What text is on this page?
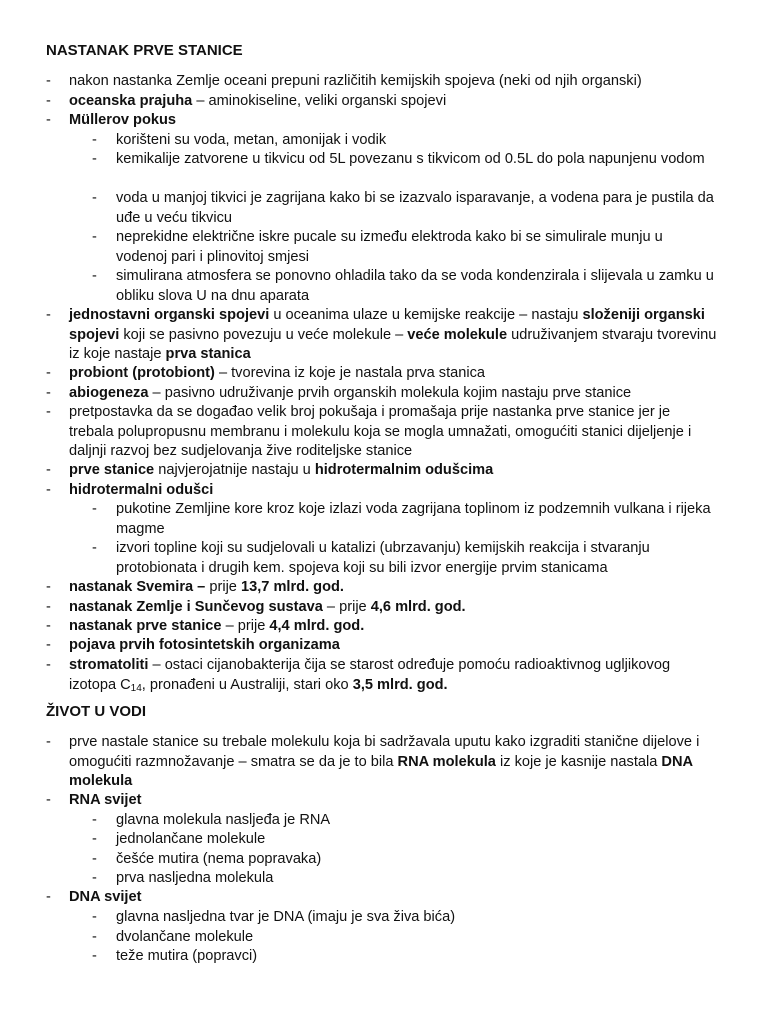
NASTANAK PRVE STANICE
- nakon nastanka Zemlje oceani prepuni različitih kemijskih spojeva (neki od njih organski)
- oceanska prajuha – aminokiseline, veliki organski spojevi
- Müllerov pokus
- korišteni su voda, metan, amonijak i vodik
- kemikalije zatvorene u tikvicu od 5L povezanu s tikvicom od 0.5L do pola napunjenu vodom
- voda u manjoj tikvici je zagrijana kako bi se izazvalo isparavanje, a vodena para je pustila da uđe u veću tikvicu
- neprekidne električne iskre pucale su između elektroda kako bi se simulirale munju u vodenoj pari i plinovitoj smjesi
- simulirana atmosfera se ponovno ohladila tako da se voda kondenzirala i slijevala u zamku u obliku slova U na dnu aparata
- jednostavni organski spojevi u oceanima ulaze u kemijske reakcije – nastaju složeniji organski spojevi koji se pasivno povezuju u veće molekule – veće molekule udruživanjem stvaraju tvorevinu iz koje nastaje prva stanica
- probiont (protobiont) – tvorevina iz koje je nastala prva stanica
- abiogeneza – pasivno udruživanje prvih organskih molekula kojim nastaju prve stanice
- pretpostavka da se događao velik broj pokušaja i promašaja prije nastanka prve stanice jer je trebala polupropusnu membranu i molekulu koja se mogla umnažati, omogućiti stanici dijeljenje i daljnji razvoj bez sudjelovanja žive roditeljske stanice
- prve stanice najvjerojatnije nastaju u hidrotermalnim odušcima
- hidrotermalni odušci
- pukotine Zemljine kore kroz koje izlazi voda zagrijana toplinom iz podzemnih vulkana i rijeka magme
- izvori topline koji su sudjelovali u katalizi (ubrzavanju) kemijskih reakcija i stvaranju protobionata i drugih kem. spojeva koji su bili izvor energije prvim stanicama
- nastanak Svemira – prije 13,7 mlrd. god.
- nastanak Zemlje i Sunčevog sustava – prije 4,6 mlrd. god.
- nastanak prve stanice – prije 4,4 mlrd. god.
- pojava prvih fotosintetskih organizama
- stromatoliti – ostaci cijanobakterija čija se starost određuje pomoću radioaktivnog ugljikovog izotopa $C_{14}$, pronađeni u Australiji, stari oko 3,5 mlrd. god.
ŽIVOT U VODI
- prve nastale stanice su trebale molekulu koja bi sadržavala uputu kako izgraditi stanične dijelove i omogućiti razmnožavanje – smatra se da je to bila RNA molekula iz koje je kasnije nastala DNA molekula
- RNA svijet
- glavna molekula nasljeđa je RNA
- jednolančane molekule
- češće mutira (nema popravaka)
- prva nasljedna molekula
- DNA svijet
- glavna nasljedna tvar je DNA (imaju je sva živa bića)
- dvolančane molekule
- teže mutira (popravci)
